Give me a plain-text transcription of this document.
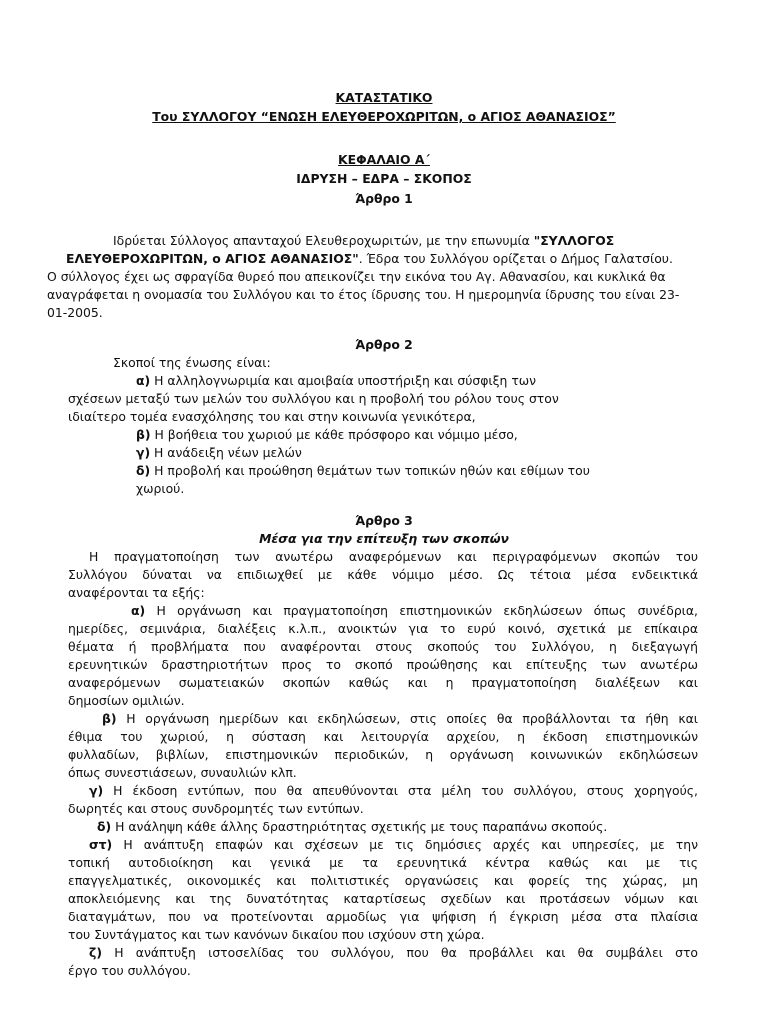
ΚΑΤΑΣΤΑΤΙΚΟ
Του ΣΥΛΛΟΓΟΥ “ΕΝΩΣΗ ΕΛΕΥΘΕΡΟΧΩΡΙΤΩΝ, ο ΑΓΙΟΣ ΑΘΑΝΑΣΙΟΣ”
ΚΕΦΑΛΑΙΟ Α΄
ΙΔΡΥΣΗ – ΕΔΡΑ – ΣΚΟΠΟΣ
Άρθρο 1
Ιδρύεται Σύλλογος απανταχού Ελευθεροχωριτών, με την επωνυμία "ΣΥΛΛΟΓΟΣ
ΕΛΕΥΘΕΡΟΧΩΡΙΤΩΝ, ο ΑΓΙΟΣ ΑΘΑΝΑΣΙΟΣ". Έδρα του Συλλόγου ορίζεται ο Δήμος Γαλατσίου.
Ο σύλλογος έχει ως σφραγίδα θυρεό που απεικονίζει την εικόνα του Αγ. Αθανασίου, και κυκλικά θα
αναγράφεται η ονομασία του Συλλόγου και το έτος ίδρυσης του. Η ημερομηνία ίδρυσης του είναι 23-
01-2005.
Άρθρο 2
Σκοποί της ένωσης είναι:
α) Η αλληλογνωριμία και αμοιβαία υποστήριξη και σύσφιξη των
σχέσεων μεταξύ των μελών του συλλόγου και η προβολή του ρόλου τους στον
ιδιαίτερο τομέα ενασχόλησης του και στην κοινωνία γενικότερα,
β) Η βοήθεια του χωριού με κάθε πρόσφορο και νόμιμο μέσο,
γ) Η ανάδειξη νέων μελών
δ) Η προβολή και προώθηση θεμάτων των τοπικών ηθών και εθίμων του
χωριού.
Άρθρο 3
Μέσα για την επίτευξη των σκοπών
Η πραγματοποίηση των ανωτέρω αναφερόμενων και περιγραφόμενων σκοπών του
Συλλόγου δύναται να επιδιωχθεί με κάθε νόμιμο μέσο. Ως τέτοια μέσα ενδεικτικά
αναφέρονται τα εξής:
α) Η οργάνωση και πραγματοποίηση επιστημονικών εκδηλώσεων όπως συνέδρια,
ημερίδες, σεμινάρια, διαλέξεις κ.λ.π., ανοικτών για το ευρύ κοινό, σχετικά με επίκαιρα
θέματα ή προβλήματα που αναφέρονται στους σκοπούς του Συλλόγου, η διεξαγωγή
ερευνητικών δραστηριοτήτων προς το σκοπό προώθησης και επίτευξης των ανωτέρω
αναφερόμενων σωματειακών σκοπών καθώς και η πραγματοποίηση διαλέξεων και
δημοσίων ομιλιών.
β) Η οργάνωση ημερίδων και εκδηλώσεων, στις οποίες θα προβάλλονται τα ήθη και
έθιμα του χωριού, η σύσταση και λειτουργία αρχείου, η έκδοση επιστημονικών
φυλλαδίων, βιβλίων, επιστημονικών περιοδικών, η οργάνωση κοινωνικών εκδηλώσεων
όπως συνεστιάσεων, συναυλιών κλπ.
γ) Η έκδοση εντύπων, που θα απευθύνονται στα μέλη του συλλόγου, στους χορηγούς,
δωρητές και στους συνδρομητές των εντύπων.
δ) Η ανάληψη κάθε άλλης δραστηριότητας σχετικής με τους παραπάνω σκοπούς.
στ) Η ανάπτυξη επαφών και σχέσεων με τις δημόσιες αρχές και υπηρεσίες, με την
τοπική αυτοδιοίκηση και γενικά με τα ερευνητικά κέντρα καθώς και με τις
επαγγελματικές, οικονομικές και πολιτιστικές οργανώσεις και φορείς της χώρας, μη
αποκλειόμενης και της δυνατότητας καταρτίσεως σχεδίων και προτάσεων νόμων και
διαταγμάτων, που να προτείνονται αρμοδίως για ψήφιση ή έγκριση μέσα στα πλαίσια
του Συντάγματος και των κανόνων δικαίου που ισχύουν στη χώρα.
ζ) Η ανάπτυξη ιστοσελίδας του συλλόγου, που θα προβάλλει και θα συμβάλει στο
έργο του συλλόγου.
